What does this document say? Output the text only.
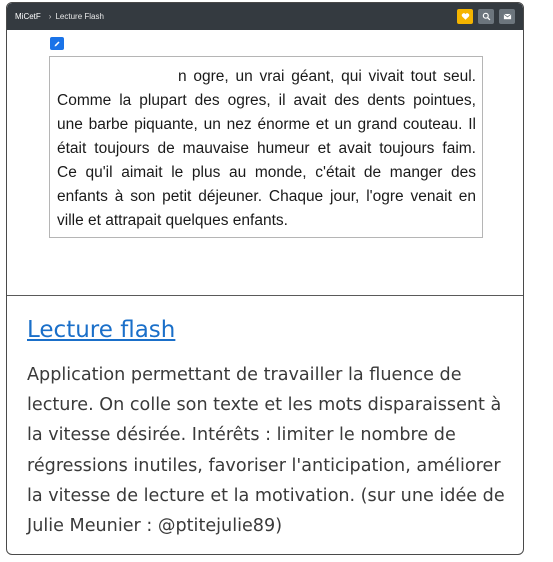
MiCetF › Lecture Flash
n ogre, un vrai géant, qui vivait tout seul.
Comme la plupart des ogres, il avait des dents pointues,
une barbe piquante, un nez énorme et un grand couteau. Il
était toujours de mauvaise humeur et avait toujours faim.
Ce qu'il aimait le plus au monde, c'était de manger des
enfants à son petit déjeuner. Chaque jour, l'ogre venait en
ville et attrapait quelques enfants.
Lecture flash
Application permettant de travailler la fluence de lecture. On colle son texte et les mots disparaissent à la vitesse désirée. Intérêts : limiter le nombre de régressions inutiles, favoriser l'anticipation, améliorer la vitesse de lecture et la motivation. (sur une idée de Julie Meunier : @ptitejulie89)
